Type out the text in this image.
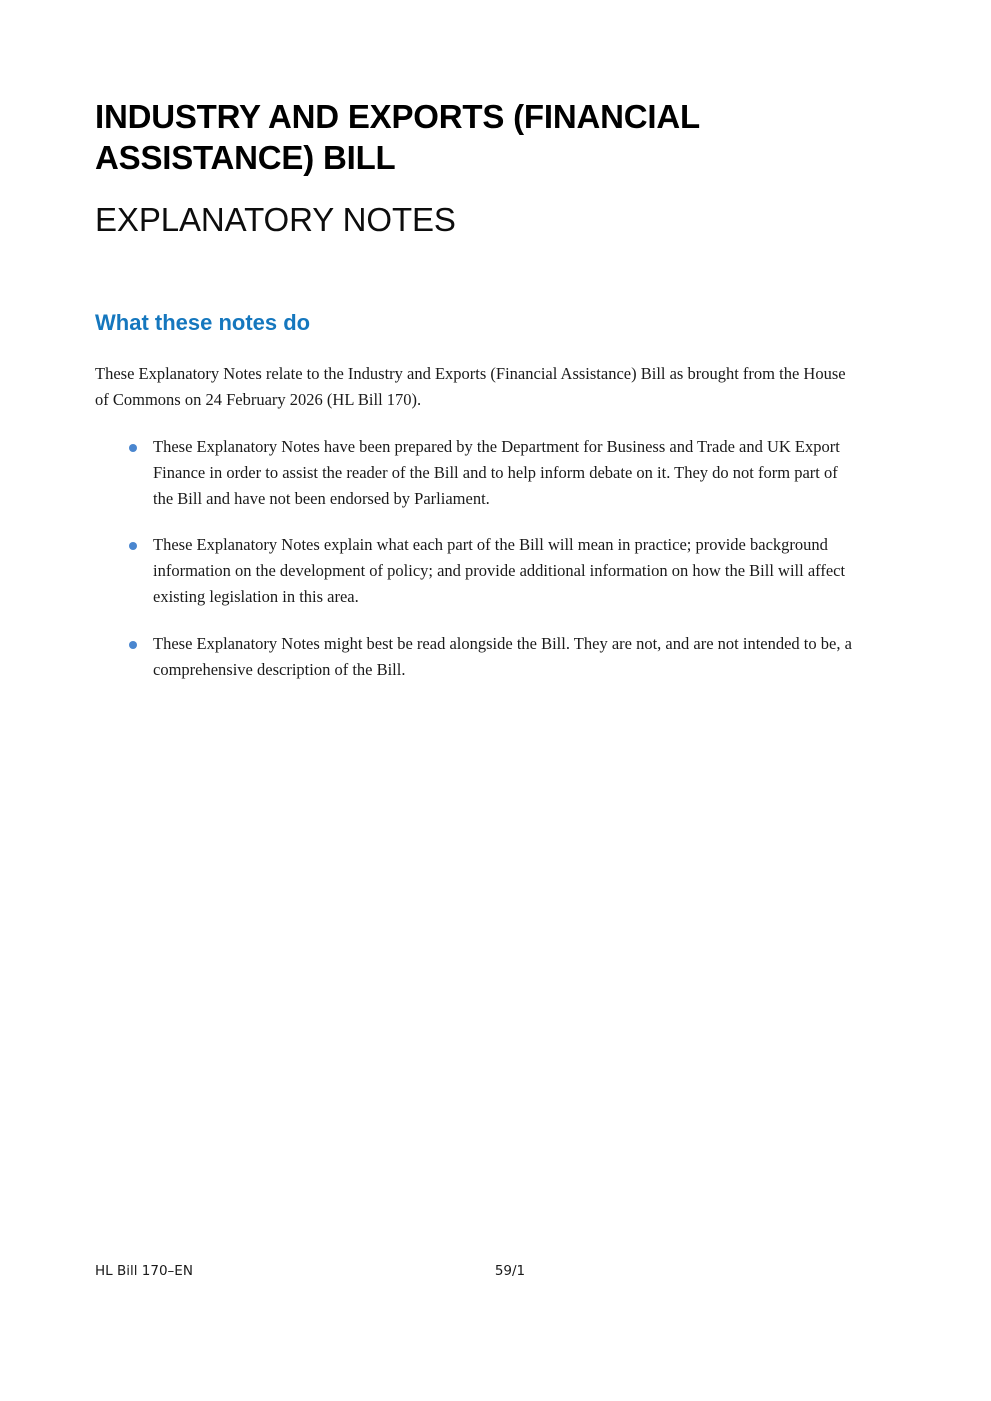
INDUSTRY AND EXPORTS (FINANCIAL ASSISTANCE) BILL
EXPLANATORY NOTES
What these notes do

These Explanatory Notes relate to the Industry and Exports (Financial Assistance) Bill as brought from the House of Commons on 24 February 2026 (HL Bill 170).

These Explanatory Notes have been prepared by the Department for Business and Trade and UK Export Finance in order to assist the reader of the Bill and to help inform debate on it. They do not form part of the Bill and have not been endorsed by Parliament.
These Explanatory Notes explain what each part of the Bill will mean in practice; provide background information on the development of policy; and provide additional information on how the Bill will affect existing legislation in this area.
These Explanatory Notes might best be read alongside the Bill. They are not, and are not intended to be, a comprehensive description of the Bill.
HL Bill 170–EN	59/1
